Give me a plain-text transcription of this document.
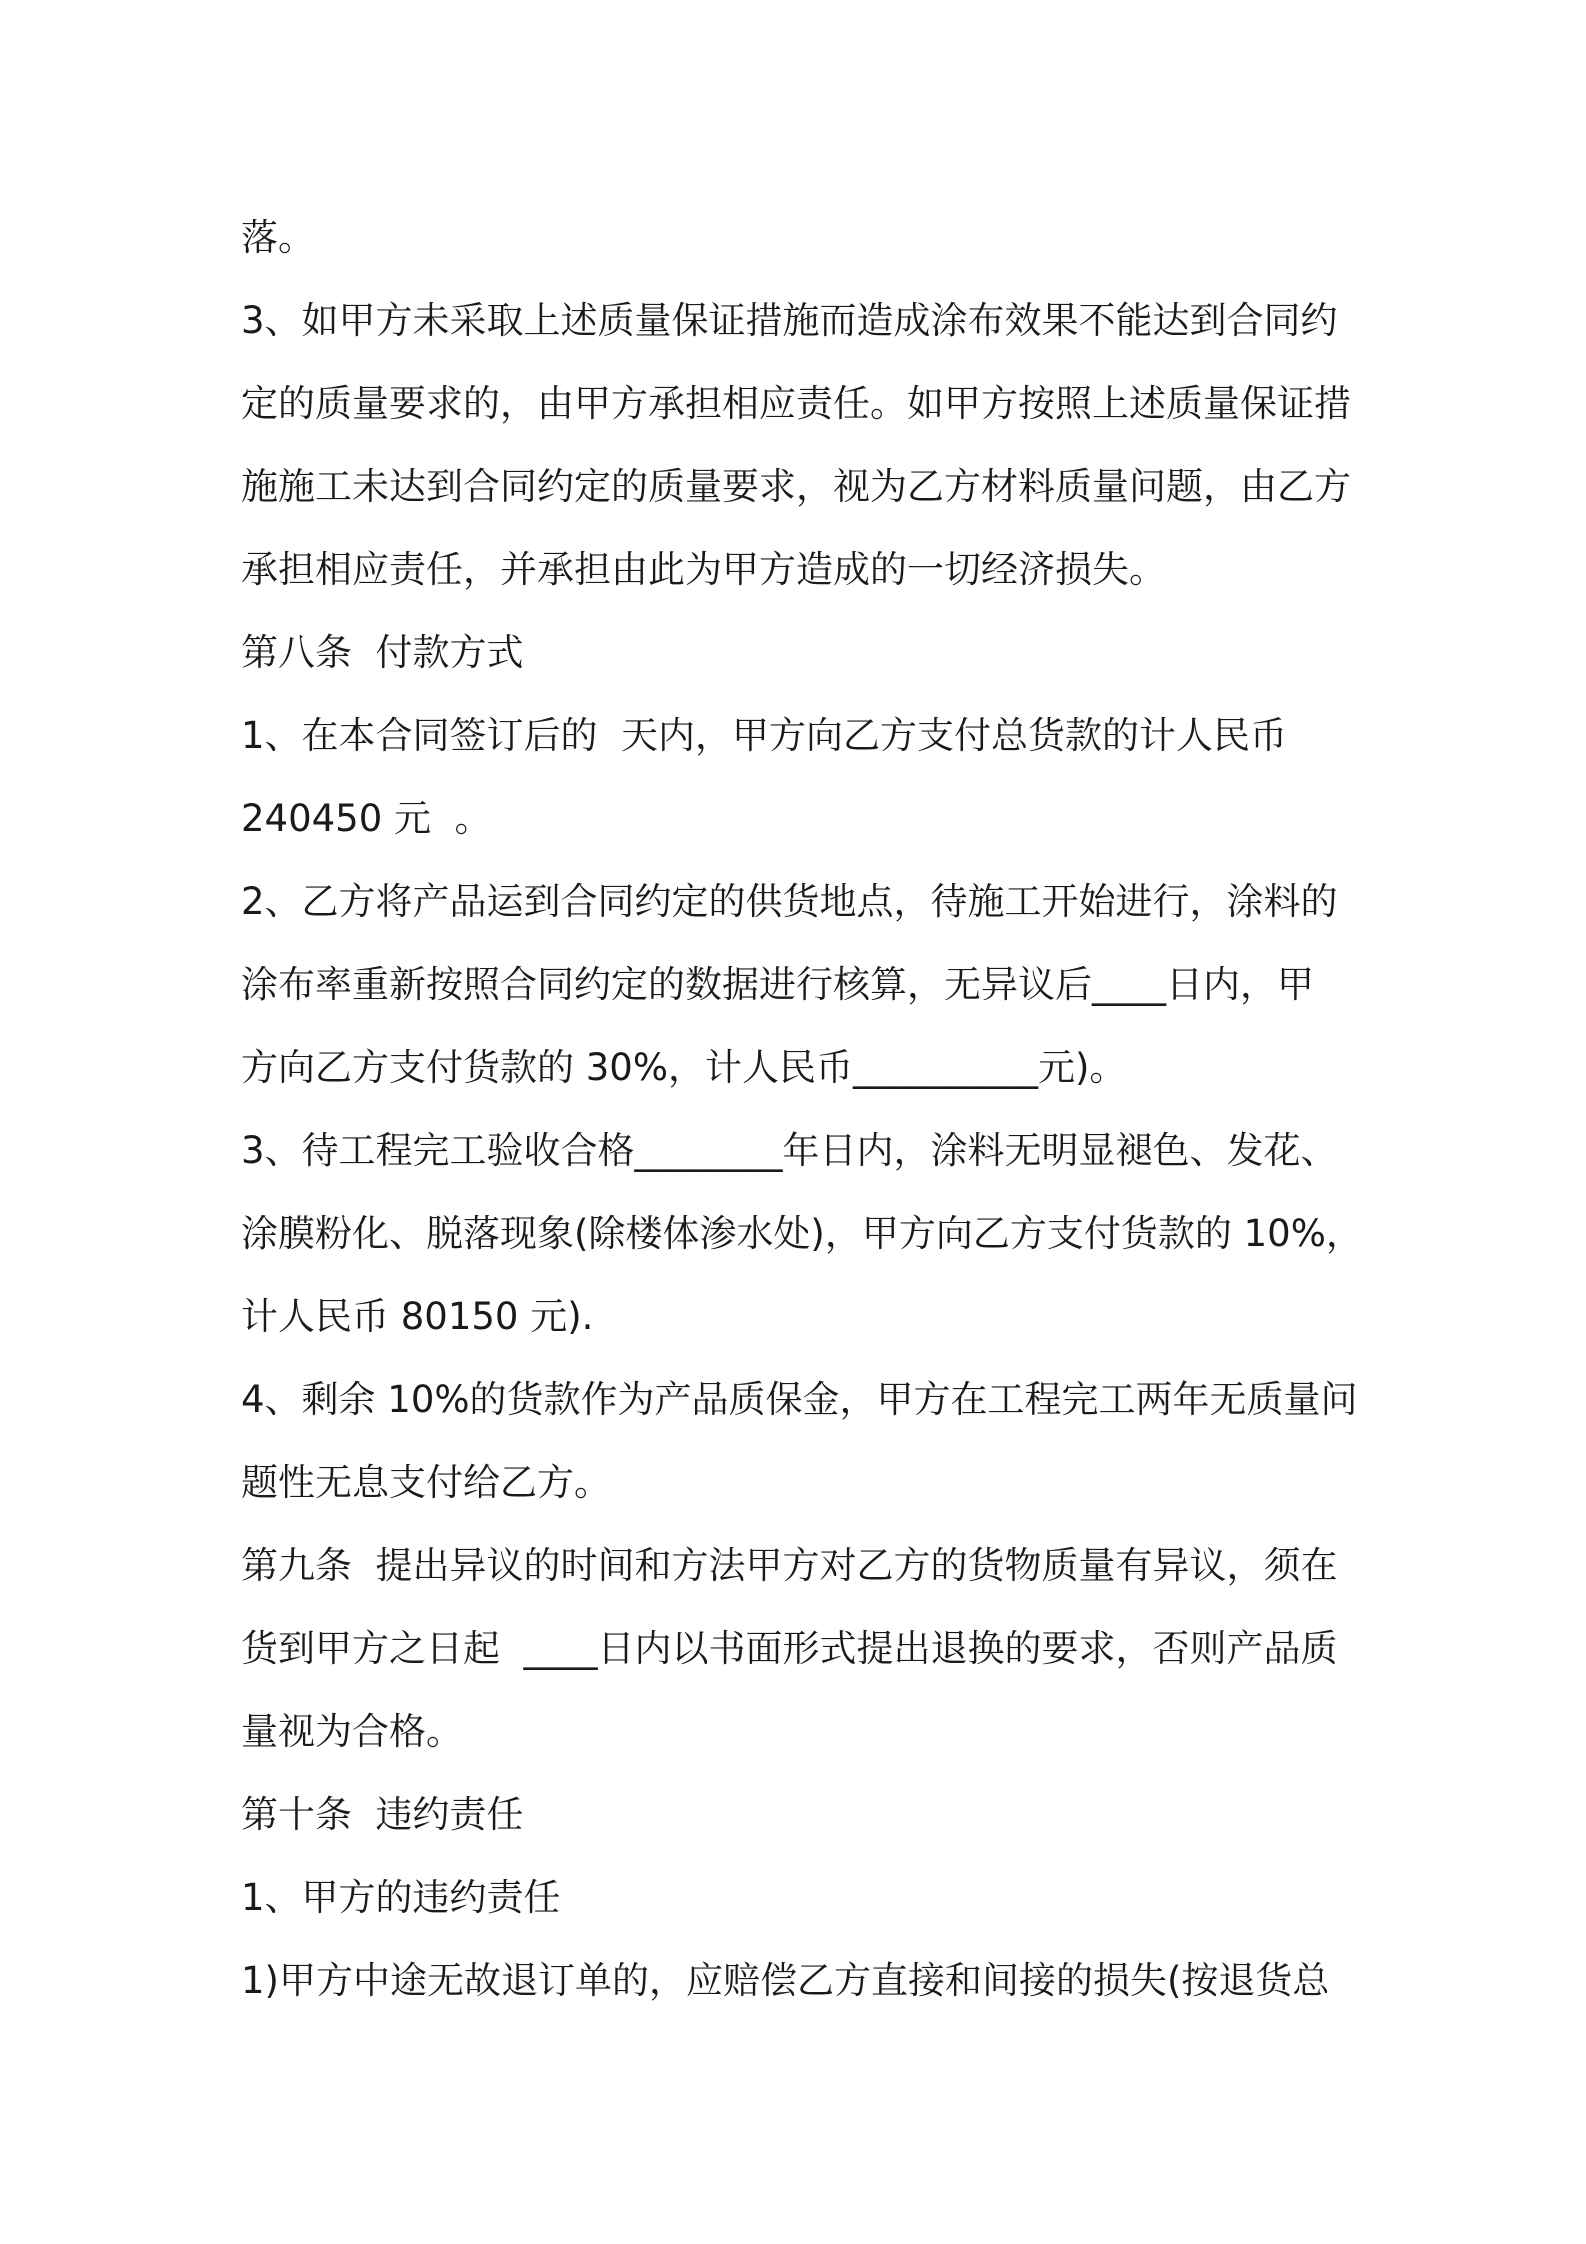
落。
3、如甲方未采取上述质量保证措施而造成涂布效果不能达到合同约
定的质量要求的，由甲方承担相应责任。如甲方按照上述质量保证措
施施工未达到合同约定的质量要求，视为乙方材料质量问题，由乙方
承担相应责任，并承担由此为甲方造成的一切经济损失。
第八条  付款方式
1、在本合同签订后的  天内，甲方向乙方支付总货款的计人民币
240450 元  。
2、乙方将产品运到合同约定的供货地点，待施工开始进行，涂料的
涂布率重新按照合同约定的数据进行核算，无异议后____日内，甲
方向乙方支付货款的 30%，计人民币__________元)。
3、待工程完工验收合格________年日内，涂料无明显褪色、发花、
涂膜粉化、脱落现象(除楼体渗水处)，甲方向乙方支付货款的 10%，
计人民币 80150 元).
4、剩余 10%的货款作为产品质保金，甲方在工程完工两年无质量问
题性无息支付给乙方。
第九条  提出异议的时间和方法甲方对乙方的货物质量有异议，须在
货到甲方之日起  ____日内以书面形式提出退换的要求，否则产品质
量视为合格。
第十条  违约责任
1、甲方的违约责任
1)甲方中途无故退订单的，应赔偿乙方直接和间接的损失(按退货总
